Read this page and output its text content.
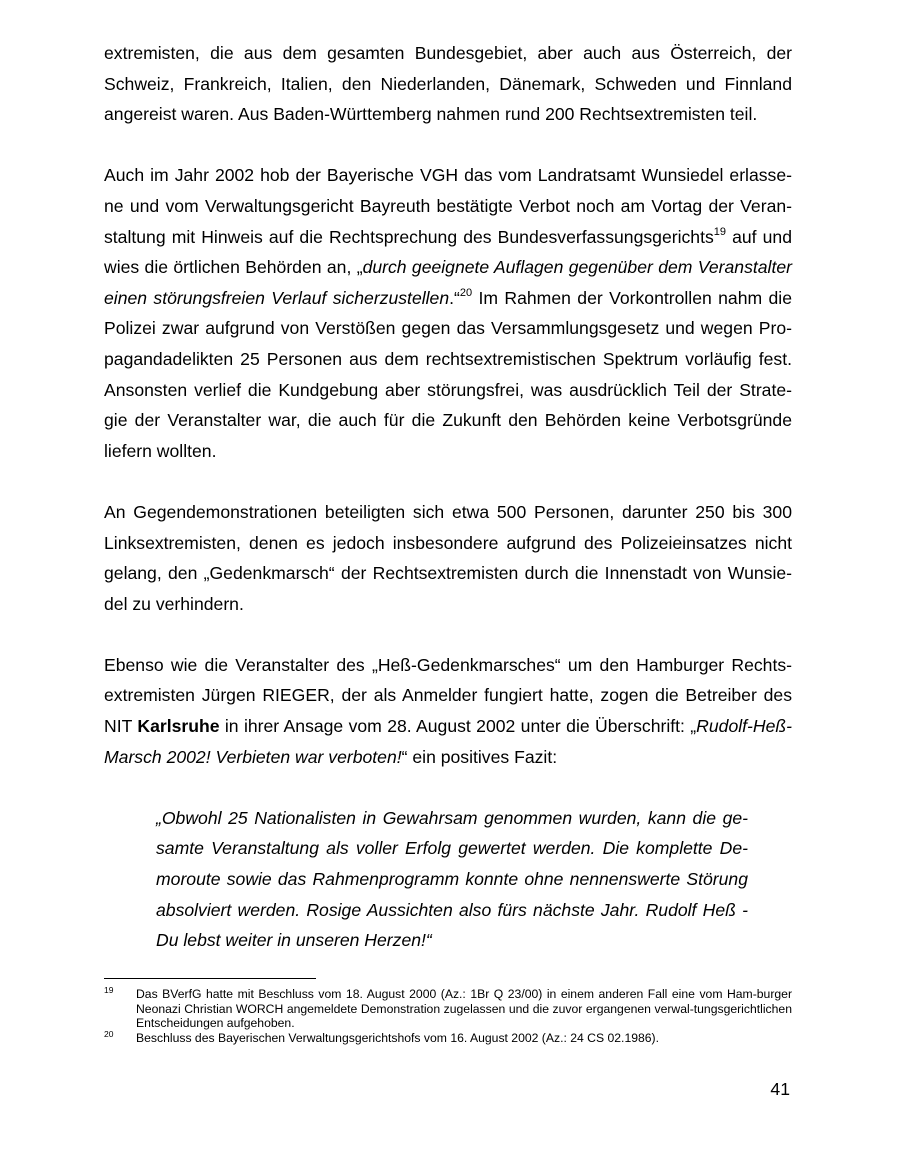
extremisten, die aus dem gesamten Bundesgebiet, aber auch aus Österreich, der Schweiz, Frankreich, Italien, den Niederlanden, Dänemark, Schweden und Finnland angereist waren. Aus Baden-Württemberg nahmen rund 200 Rechtsextremisten teil.

Auch im Jahr 2002 hob der Bayerische VGH das vom Landratsamt Wunsiedel erlasse-ne und vom Verwaltungsgericht Bayreuth bestätigte Verbot noch am Vortag der Veran-staltung mit Hinweis auf die Rechtsprechung des Bundesverfassungsgerichts$^{19}$ auf und wies die örtlichen Behörden an, „durch geeignete Auflagen gegenüber dem Veranstalter einen störungsfreien Verlauf sicherzustellen.“$^{20}$ Im Rahmen der Vorkontrollen nahm die Polizei zwar aufgrund von Verstößen gegen das Versammlungsgesetz und wegen Pro-pagandadelikten 25 Personen aus dem rechtsextremistischen Spektrum vorläufig fest. Ansonsten verlief die Kundgebung aber störungsfrei, was ausdrücklich Teil der Strate-gie der Veranstalter war, die auch für die Zukunft den Behörden keine Verbotsgründe liefern wollten.

An Gegendemonstrationen beteiligten sich etwa 500 Personen, darunter 250 bis 300 Linksextremisten, denen es jedoch insbesondere aufgrund des Polizeieinsatzes nicht gelang, den „Gedenkmarsch“ der Rechtsextremisten durch die Innenstadt von Wunsie-del zu verhindern.

Ebenso wie die Veranstalter des „Heß-Gedenkmarsches“ um den Hamburger Rechts-extremisten Jürgen RIEGER, der als Anmelder fungiert hatte, zogen die Betreiber des NIT Karlsruhe in ihrer Ansage vom 28. August 2002 unter die Überschrift: „Rudolf-Heß-Marsch 2002! Verbieten war verboten!“ ein positives Fazit:

„Obwohl 25 Nationalisten in Gewahrsam genommen wurden, kann die ge-samte Veranstaltung als voller Erfolg gewertet werden. Die komplette De-moroute sowie das Rahmenprogramm konnte ohne nennenswerte Störung absolviert werden. Rosige Aussichten also fürs nächste Jahr. Rudolf Heß - Du lebst weiter in unseren Herzen!“

19 Das BVerfG hatte mit Beschluss vom 18. August 2000 (Az.: 1Br Q 23/00) in einem anderen Fall eine vom Ham-burger Neonazi Christian WORCH angemeldete Demonstration zugelassen und die zuvor ergangenen verwal-tungsgerichtlichen Entscheidungen aufgehoben.
20 Beschluss des Bayerischen Verwaltungsgerichtshofs vom 16. August 2002 (Az.: 24 CS 02.1986).
41
